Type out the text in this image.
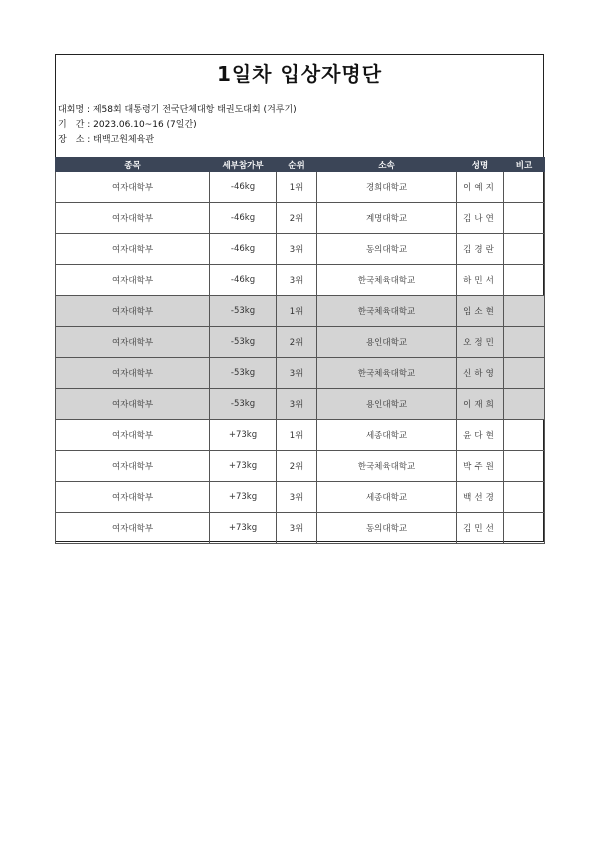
1일차 입상자명단
대회명 : 제58회 대통령기 전국단체대항 태권도대회 (겨루기)
기　간 : 2023.06.10~16 (7일간)
장　소 : 태백고원체육관
종목	세부참가부	순위	소속	성명	비고
여자대학부	-46kg	1위	경희대학교	이예지	
여자대학부	-46kg	2위	계명대학교	김나연	
여자대학부	-46kg	3위	동의대학교	김경란	
여자대학부	-46kg	3위	한국체육대학교	하민서	
여자대학부	-53kg	1위	한국체육대학교	임소현	
여자대학부	-53kg	2위	용인대학교	오정민	
여자대학부	-53kg	3위	한국체육대학교	신하영	
여자대학부	-53kg	3위	용인대학교	이재희	
여자대학부	+73kg	1위	세종대학교	윤다현	
여자대학부	+73kg	2위	한국체육대학교	박주원	
여자대학부	+73kg	3위	세종대학교	백선경	
여자대학부	+73kg	3위	동의대학교	김민선	
